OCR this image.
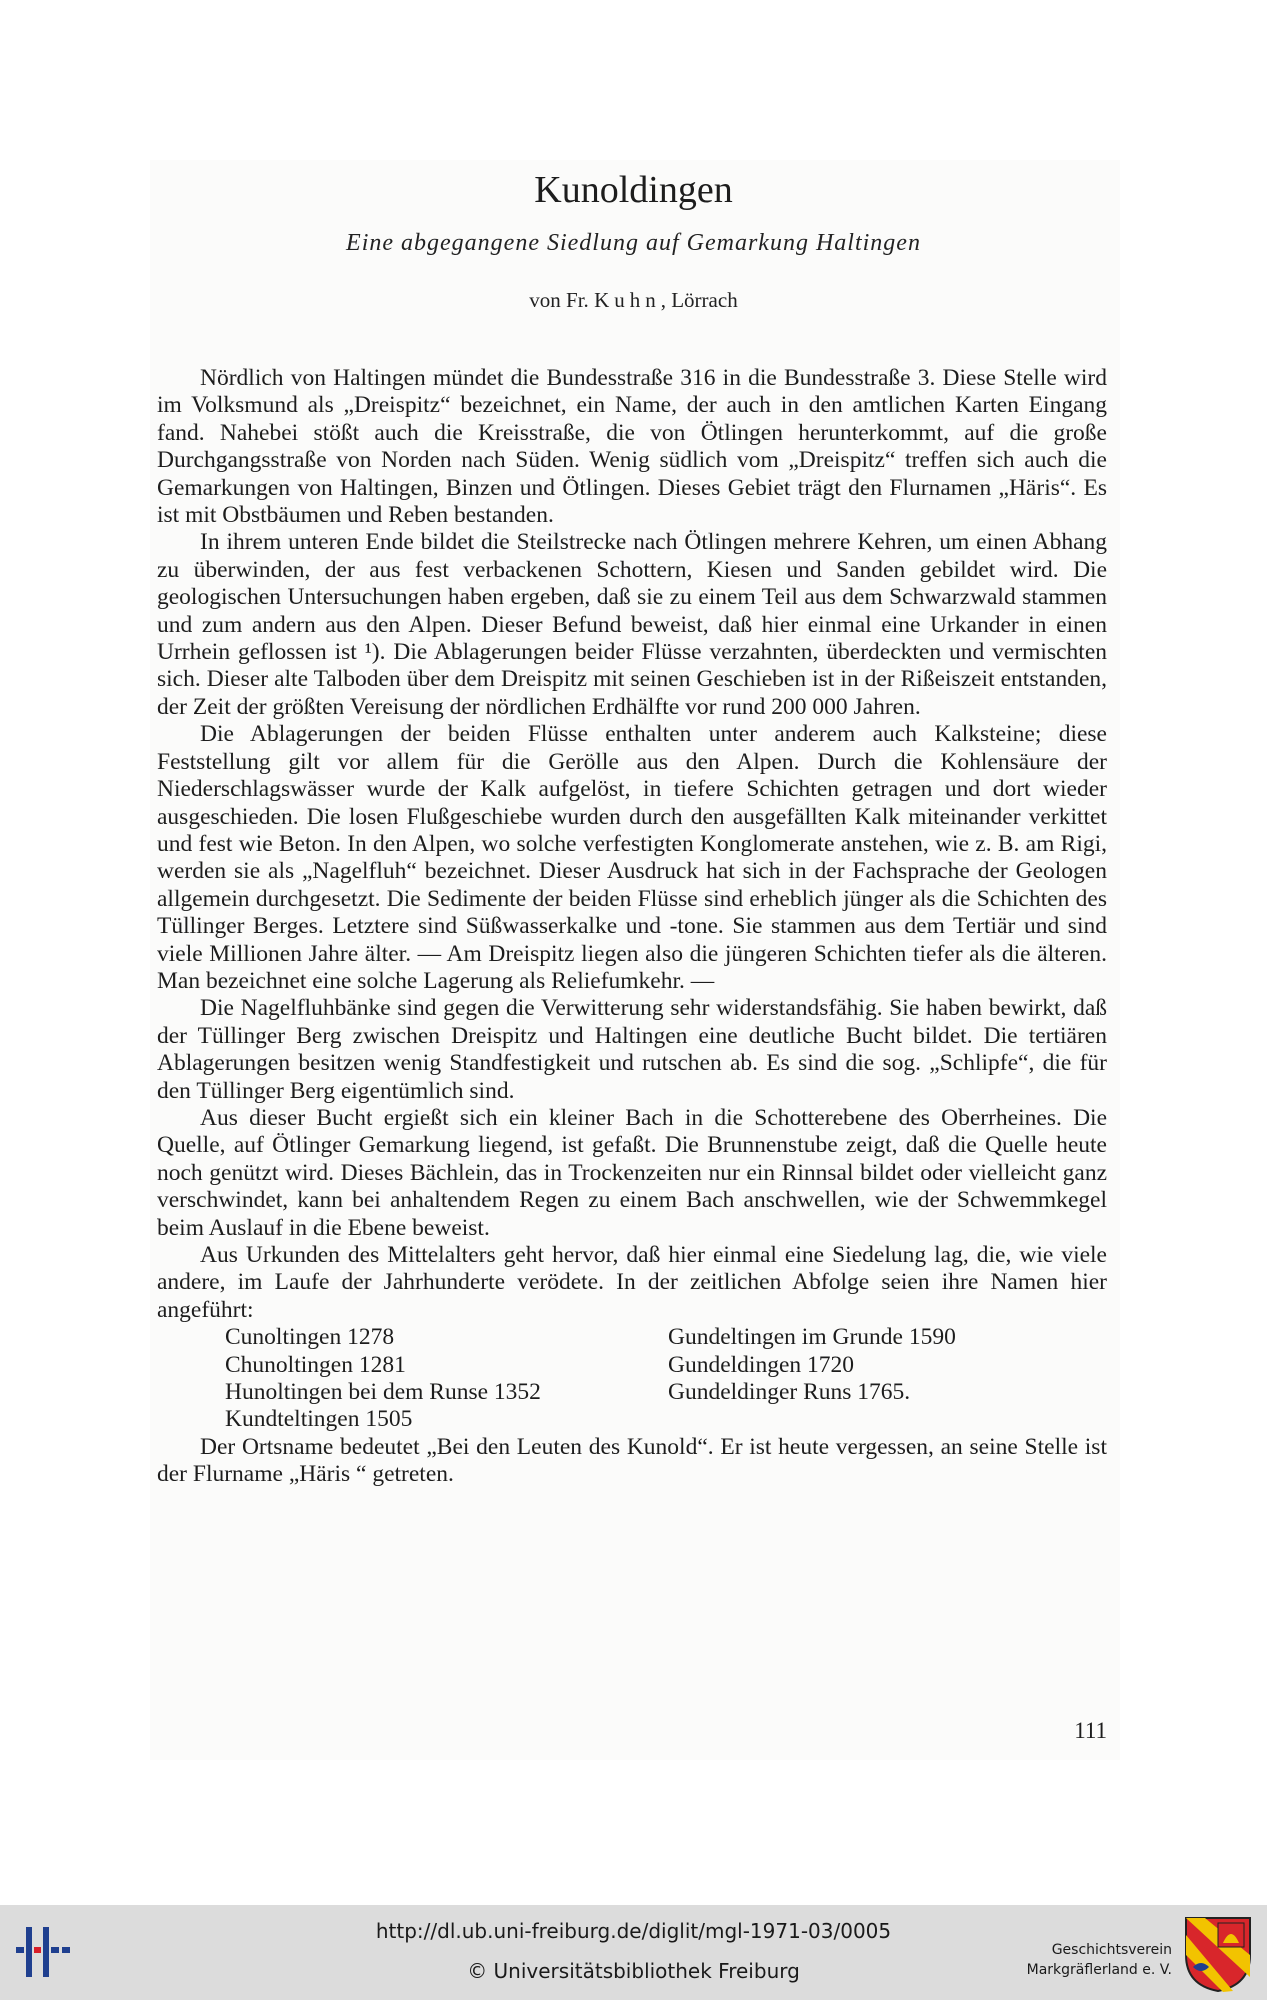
Kunoldingen
Eine abgegangene Siedlung auf Gemarkung Haltingen
von Fr. Kuhn, Lörrach

Nördlich von Haltingen mündet die Bundesstraße 316 in die Bundesstraße 3. Diese Stelle wird im Volksmund als „Dreispitz“ bezeichnet, ein Name, der auch in den amtlichen Karten Eingang fand. Nahebei stößt auch die Kreisstraße, die von Ötlingen herunterkommt, auf die große Durchgangsstraße von Norden nach Süden. Wenig südlich vom „Dreispitz“ treffen sich auch die Gemarkungen von Haltingen, Binzen und Ötlingen. Dieses Gebiet trägt den Flurnamen „Häris“. Es ist mit Obstbäumen und Reben bestanden.

In ihrem unteren Ende bildet die Steilstrecke nach Ötlingen mehrere Kehren, um einen Abhang zu überwinden, der aus fest verbackenen Schottern, Kiesen und Sanden gebildet wird. Die geologischen Untersuchungen haben ergeben, daß sie zu einem Teil aus dem Schwarzwald stammen und zum andern aus den Alpen. Dieser Befund beweist, daß hier einmal eine Urkander in einen Urrhein geflossen ist ¹). Die Ablagerungen beider Flüsse verzahnten, überdeckten und vermischten sich. Dieser alte Talboden über dem Dreispitz mit seinen Geschieben ist in der Rißeiszeit entstanden, der Zeit der größten Vereisung der nördlichen Erdhälfte vor rund 200 000 Jahren.

Die Ablagerungen der beiden Flüsse enthalten unter anderem auch Kalksteine; diese Feststellung gilt vor allem für die Gerölle aus den Alpen. Durch die Kohlensäure der Niederschlagswässer wurde der Kalk aufgelöst, in tiefere Schichten getragen und dort wieder ausgeschieden. Die losen Flußgeschiebe wurden durch den ausgefällten Kalk miteinander verkittet und fest wie Beton. In den Alpen, wo solche verfestigten Konglomerate anstehen, wie z. B. am Rigi, werden sie als „Nagelfluh“ bezeichnet. Dieser Ausdruck hat sich in der Fachsprache der Geologen allgemein durchgesetzt. Die Sedimente der beiden Flüsse sind erheblich jünger als die Schichten des Tüllinger Berges. Letztere sind Süßwasserkalke und -tone. Sie stammen aus dem Tertiär und sind viele Millionen Jahre älter. — Am Dreispitz liegen also die jüngeren Schichten tiefer als die älteren. Man bezeichnet eine solche Lagerung als Reliefumkehr. —

Die Nagelfluhbänke sind gegen die Verwitterung sehr widerstandsfähig. Sie haben bewirkt, daß der Tüllinger Berg zwischen Dreispitz und Haltingen eine deutliche Bucht bildet. Die tertiären Ablagerungen besitzen wenig Standfestigkeit und rutschen ab. Es sind die sog. „Schlipfe“, die für den Tüllinger Berg eigentümlich sind.

Aus dieser Bucht ergießt sich ein kleiner Bach in die Schotterebene des Oberrheines. Die Quelle, auf Ötlinger Gemarkung liegend, ist gefaßt. Die Brunnenstube zeigt, daß die Quelle heute noch genützt wird. Dieses Bächlein, das in Trockenzeiten nur ein Rinnsal bildet oder vielleicht ganz verschwindet, kann bei anhaltendem Regen zu einem Bach anschwellen, wie der Schwemmkegel beim Auslauf in die Ebene beweist.

Aus Urkunden des Mittelalters geht hervor, daß hier einmal eine Siedelung lag, die, wie viele andere, im Laufe der Jahrhunderte verödete. In der zeitlichen Abfolge seien ihre Namen hier angeführt:

Cunoltingen 1278	Gundeltingen im Grunde 1590
Chunoltingen 1281	Gundeldingen 1720
Hunoltingen bei dem Runse 1352	Gundeldinger Runs 1765.
Kundteltingen 1505

Der Ortsname bedeutet „Bei den Leuten des Kunold“. Er ist heute vergessen, an seine Stelle ist der Flurname „Häris “ getreten.

111
http://dl.ub.uni-freiburg.de/diglit/mgl-1971-03/0005
© Universitätsbibliothek Freiburg
Geschichtsverein
Markgräflerland e. V.
